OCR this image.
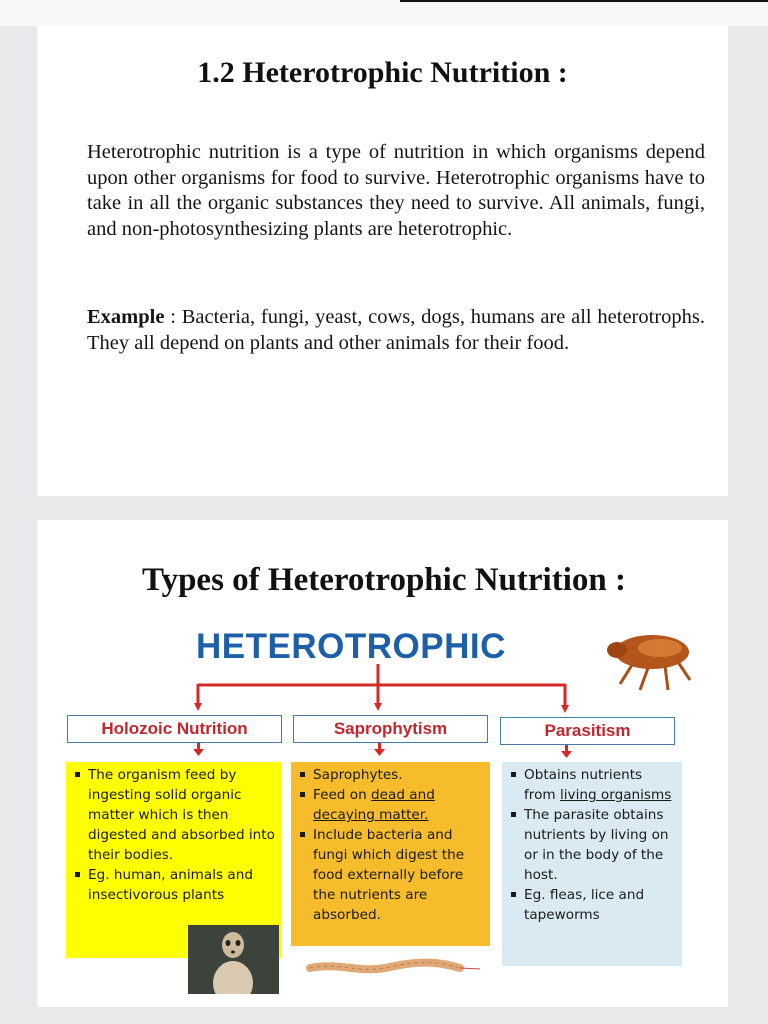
1.2 Heterotrophic Nutrition :

Heterotrophic nutrition is a type of nutrition in which organisms depend upon other organisms for food to survive. Heterotrophic organisms have to take in all the organic substances they need to survive. All animals, fungi, and non-photosynthesizing plants are heterotrophic.

Example : Bacteria, fungi, yeast, cows, dogs, humans are all heterotrophs. They all depend on plants and other animals for their food.

Types of Heterotrophic Nutrition :
HETEROTROPHIC
Holozoic Nutrition	Saprophytism	Parasitism
The organism feed by ingesting solid organic matter which is then digested and absorbed into their bodies.
Eg. human, animals and insectivorous plants
Saprophytes.
Feed on dead and decaying matter.
Include bacteria and fungi which digest the food externally before the nutrients are absorbed.
Obtains nutrients from living organisms
The parasite obtains nutrients by living on or in the body of the host.
Eg. fleas, lice and tapeworms
